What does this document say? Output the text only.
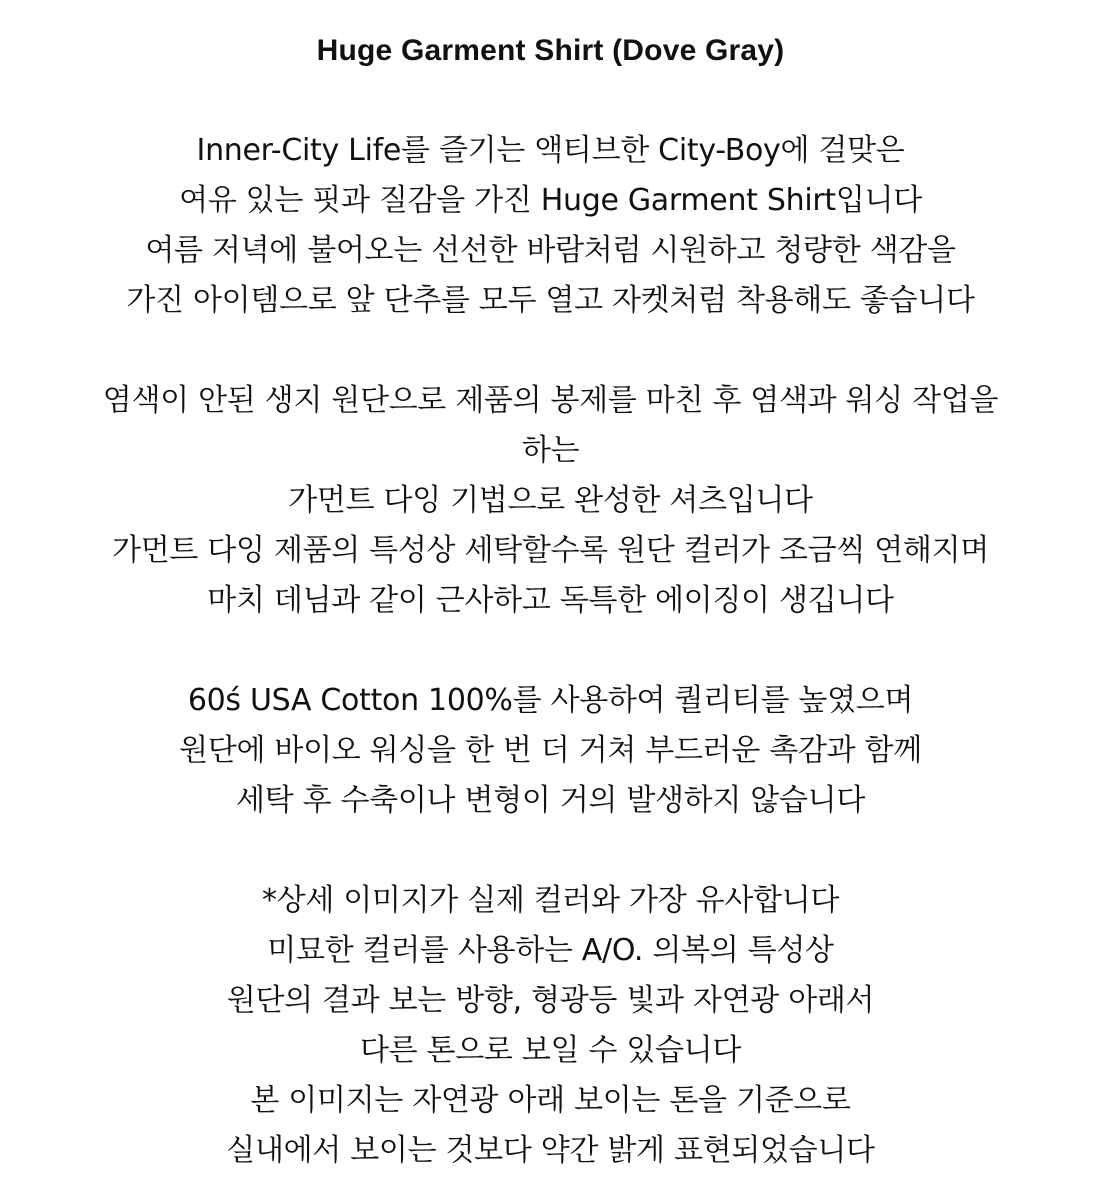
Huge Garment Shirt (Dove Gray)
Inner-City Life를 즐기는 액티브한 City-Boy에 걸맞은
여유 있는 핏과 질감을 가진 Huge Garment Shirt입니다
여름 저녁에 불어오는 선선한 바람처럼 시원하고 청량한 색감을
가진 아이템으로 앞 단추를 모두 열고 자켓처럼 착용해도 좋습니다
염색이 안된 생지 원단으로 제품의 봉제를 마친 후 염색과 워싱 작업을
하는
가먼트 다잉 기법으로 완성한 셔츠입니다
가먼트 다잉 제품의 특성상 세탁할수록 원단 컬러가 조금씩 연해지며
마치 데님과 같이 근사하고 독특한 에이징이 생깁니다
60ś USA Cotton 100%를 사용하여 퀄리티를 높였으며
원단에 바이오 워싱을 한 번 더 거쳐 부드러운 촉감과 함께
세탁 후 수축이나 변형이 거의 발생하지 않습니다
*상세 이미지가 실제 컬러와 가장 유사합니다
미묘한 컬러를 사용하는 A/O. 의복의 특성상
원단의 결과 보는 방향, 형광등 빛과 자연광 아래서
다른 톤으로 보일 수 있습니다
본 이미지는 자연광 아래 보이는 톤을 기준으로
실내에서 보이는 것보다 약간 밝게 표현되었습니다
